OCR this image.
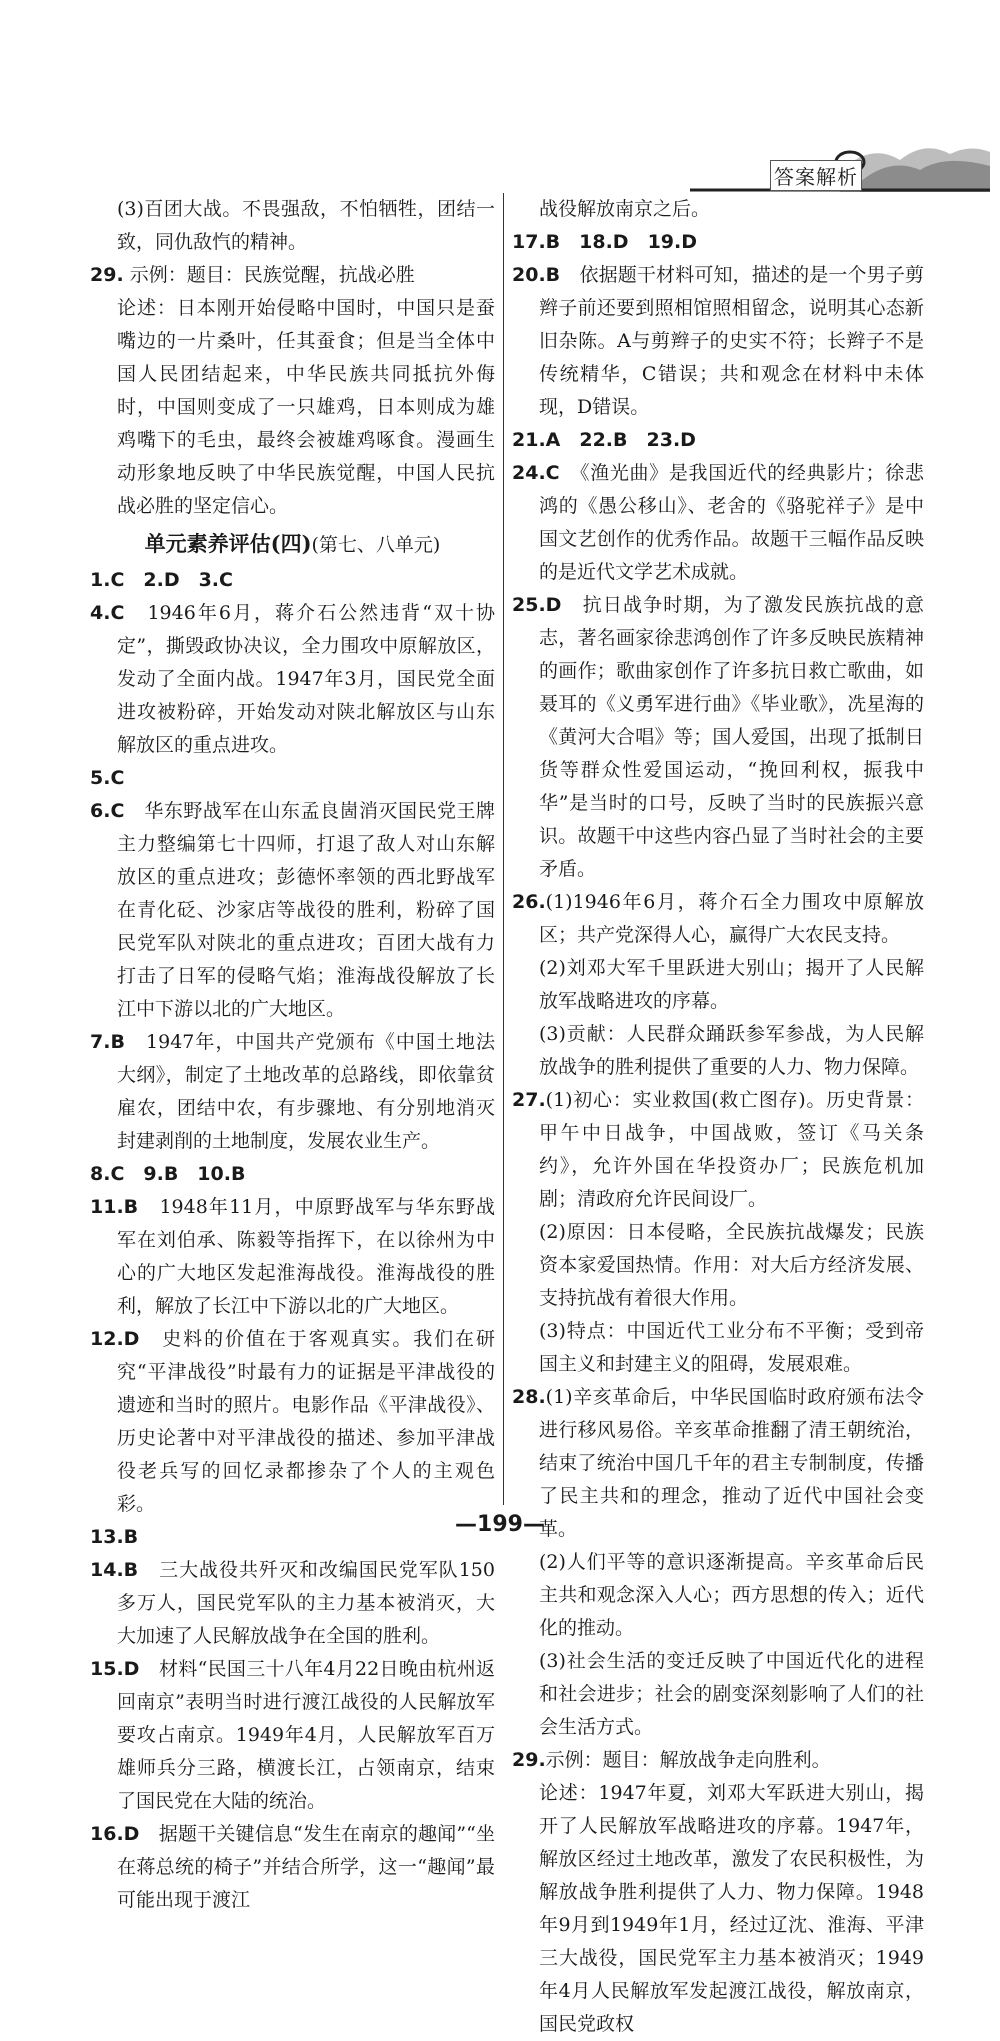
答案解析

(3)百团大战。不畏强敌，不怕牺牲，团结一致，同仇敌忾的精神。

29. 示例：题目：民族觉醒，抗战必胜

论述：日本刚开始侵略中国时，中国只是蚕嘴边的一片桑叶，任其蚕食；但是当全体中国人民团结起来，中华民族共同抵抗外侮时，中国则变成了一只雄鸡，日本则成为雄鸡嘴下的毛虫，最终会被雄鸡啄食。漫画生动形象地反映了中华民族觉醒，中国人民抗战必胜的坚定信心。

单元素养评估(四)(第七、八单元)

1.C　2.D　3.C

4.C　 1946年6月，蒋介石公然违背“双十协定”，撕毁政协决议，全力围攻中原解放区，发动了全面内战。1947年3月，国民党全面进攻被粉碎，开始发动对陕北解放区与山东解放区的重点进攻。

5.C

6.C　 华东野战军在山东孟良崮消灭国民党王牌主力整编第七十四师，打退了敌人对山东解放区的重点进攻；彭德怀率领的西北野战军在青化砭、沙家店等战役的胜利，粉碎了国民党军队对陕北的重点进攻；百团大战有力打击了日军的侵略气焰；淮海战役解放了长江中下游以北的广大地区。

7.B　 1947年，中国共产党颁布《中国土地法大纲》，制定了土地改革的总路线，即依靠贫雇农，团结中农，有步骤地、有分别地消灭封建剥削的土地制度，发展农业生产。

8.C　9.B　10.B

11.B　 1948年11月，中原野战军与华东野战军在刘伯承、陈毅等指挥下，在以徐州为中心的广大地区发起淮海战役。淮海战役的胜利，解放了长江中下游以北的广大地区。

12.D　 史料的价值在于客观真实。我们在研究“平津战役”时最有力的证据是平津战役的遗迹和当时的照片。电影作品《平津战役》、历史论著中对平津战役的描述、参加平津战役老兵写的回忆录都掺杂了个人的主观色彩。

13.B

14.B　 三大战役共歼灭和改编国民党军队150多万人，国民党军队的主力基本被消灭，大大加速了人民解放战争在全国的胜利。

15.D　 材料“民国三十八年4月22日晚由杭州返回南京”表明当时进行渡江战役的人民解放军要攻占南京。1949年4月，人民解放军百万雄师兵分三路，横渡长江，占领南京，结束了国民党在大陆的统治。

16.D　 据题干关键信息“发生在南京的趣闻”“坐在蒋总统的椅子”并结合所学，这一“趣闻”最可能出现于渡江

战役解放南京之后。

17.B　18.D　19.D

20.B　 依据题干材料可知，描述的是一个男子剪辫子前还要到照相馆照相留念，说明其心态新旧杂陈。A与剪辫子的史实不符；长辫子不是传统精华，C错误；共和观念在材料中未体现，D错误。

21.A　22.B　23.D

24.C　 《渔光曲》是我国近代的经典影片；徐悲鸿的《愚公移山》、老舍的《骆驼祥子》是中国文艺创作的优秀作品。故题干三幅作品反映的是近代文学艺术成就。

25.D　 抗日战争时期，为了激发民族抗战的意志，著名画家徐悲鸿创作了许多反映民族精神的画作；歌曲家创作了许多抗日救亡歌曲，如聂耳的《义勇军进行曲》《毕业歌》，冼星海的《黄河大合唱》等；国人爱国，出现了抵制日货等群众性爱国运动，“挽回利权，振我中华”是当时的口号，反映了当时的民族振兴意识。故题干中这些内容凸显了当时社会的主要矛盾。

26.(1)1946年6月，蒋介石全力围攻中原解放区；共产党深得人心，赢得广大农民支持。

(2)刘邓大军千里跃进大别山；揭开了人民解放军战略进攻的序幕。

(3)贡献：人民群众踊跃参军参战，为人民解放战争的胜利提供了重要的人力、物力保障。

27.(1)初心：实业救国(救亡图存)。历史背景：甲午中日战争，中国战败，签订《马关条约》，允许外国在华投资办厂；民族危机加剧；清政府允许民间设厂。

(2)原因：日本侵略，全民族抗战爆发；民族资本家爱国热情。作用：对大后方经济发展、支持抗战有着很大作用。

(3)特点：中国近代工业分布不平衡；受到帝国主义和封建主义的阻碍，发展艰难。

28.(1)辛亥革命后，中华民国临时政府颁布法令进行移风易俗。辛亥革命推翻了清王朝统治，结束了统治中国几千年的君主专制制度，传播了民主共和的理念，推动了近代中国社会变革。

(2)人们平等的意识逐渐提高。辛亥革命后民主共和观念深入人心；西方思想的传入；近代化的推动。

(3)社会生活的变迁反映了中国近代化的进程和社会进步；社会的剧变深刻影响了人们的社会生活方式。

29.示例：题目：解放战争走向胜利。

论述：1947年夏，刘邓大军跃进大别山，揭开了人民解放军战略进攻的序幕。1947年，解放区经过土地改革，激发了农民积极性，为解放战争胜利提供了人力、物力保障。1948年9月到1949年1月，经过辽沈、淮海、平津三大战役，国民党军主力基本被消灭；1949年4月人民解放军发起渡江战役，解放南京，国民党政权

—199—
